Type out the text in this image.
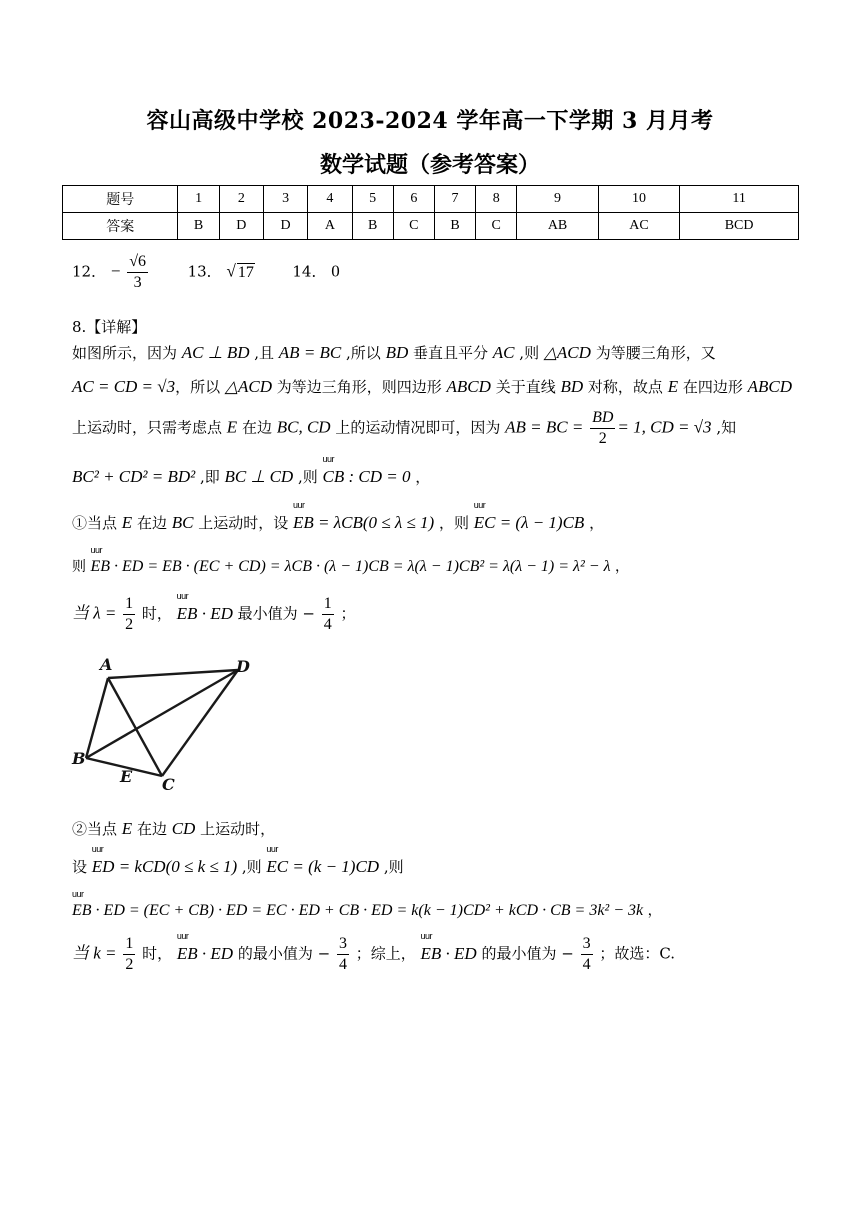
容山高级中学校 2023-2024 学年高一下学期 3 月月考
数学试题（参考答案）
题号	1	2	3	4	5	6	7	8	9	10	11
答案	B	D	D	A	B	C	B	C	AB	AC	BCD
12． − $\frac{√6}{3}$	13． √ 17	14． 0
8.【详解】
如图所示，因为 AC ⊥ BD ,且 AB = BC ,所以 BD 垂直且平分 AC ,则 △ACD 为等腰三角形，又
AC = CD = √3，所以 △ACD 为等边三角形，则四边形 ABCD 关于直线 BD 对称，故点 E 在四边形 ABCD
上运动时，只需考虑点 E 在边 BC, CD 上的运动情况即可，因为 AB = BC = $\frac{BD}{2} = 1$, CD = √3 ,知
BC² + CD² = BD² ,即 BC ⊥ CD ,则 uur CB : CD = 0 ，
①当点 E 在边 BC 上运动时，设 uur EB = λCB(0 ≤ λ ≤ 1) ，则 uur EC = (λ − 1)CB ，
则 uur EB · ED = EB · (EC + CD) = λCB · (λ − 1)CB = λ(λ − 1)CB² = λ(λ − 1) = λ² − λ ，
当 $\lambda = \frac{1}{2}$ 时， uur EB · ED 最小值为 − $\frac{1}{4}$ ；
A	D
B
E C
②当点 E 在边 CD 上运动时，
设 uur ED = kCD(0 ≤ k ≤ 1) ,则 uur EC = (k − 1)CD ,则
uur EB · ED = (EC + CB) · ED = EC · ED + CB · ED = k(k − 1)CD² + kCD · CB = 3k² − 3k ，
当 $k = \frac{1}{2}$ 时， uur EB · ED 的最小值为 − $\frac{3}{4}$ ；综上， uur EB · ED 的最小值为 − $\frac{3}{4}$ ；故选：C.
